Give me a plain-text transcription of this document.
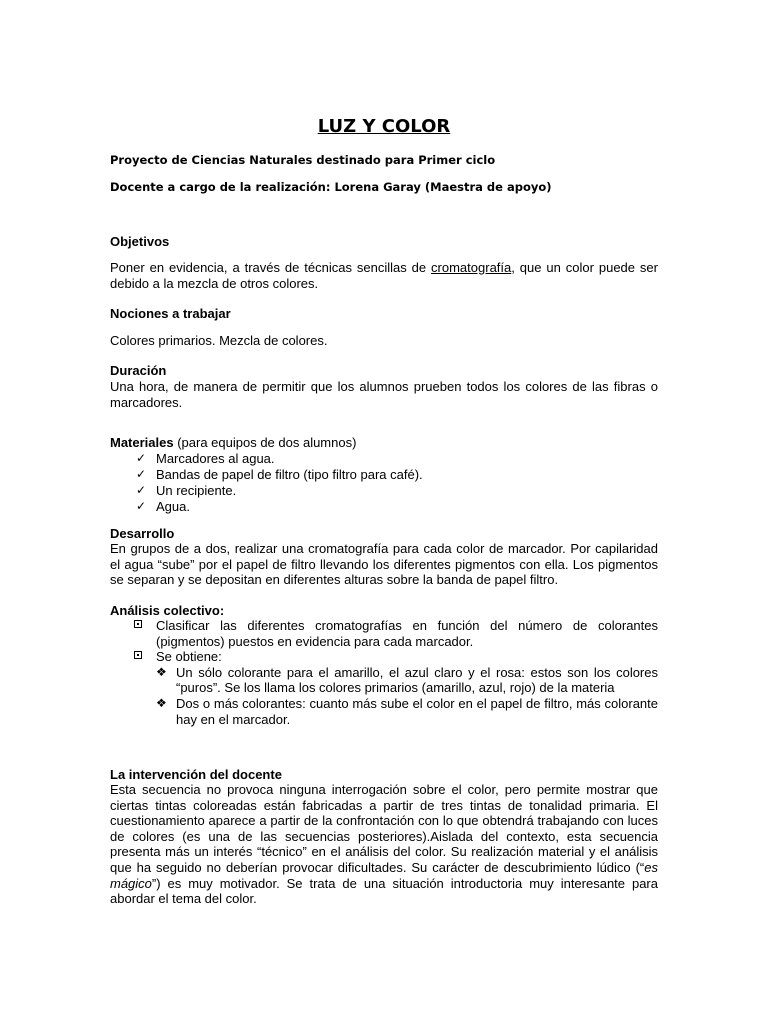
LUZ Y COLOR
Proyecto de Ciencias Naturales destinado para Primer ciclo
Docente a cargo de la realización: Lorena Garay (Maestra de apoyo)
Objetivos
Poner en evidencia, a través de técnicas sencillas de cromatografía, que un color puede ser debido a la mezcla de otros colores.
Nociones a trabajar
Colores primarios. Mezcla de colores.
Duración
Una hora, de manera de permitir que los alumnos prueben todos los colores de las fibras o marcadores.
Materiales (para equipos de dos alumnos)
✓ Marcadores al agua.
✓ Bandas de papel de filtro (tipo filtro para café).
✓ Un recipiente.
✓ Agua.
Desarrollo
En grupos de a dos, realizar una cromatografía para cada color de marcador. Por capilaridad el agua “sube” por el papel de filtro llevando los diferentes pigmentos con ella. Los pigmentos se separan y se depositan en diferentes alturas sobre la banda de papel filtro.
Análisis colectivo:
Clasificar las diferentes cromatografías en función del número de colorantes (pigmentos) puestos en evidencia para cada marcador.
Se obtiene:
❖ Un sólo colorante para el amarillo, el azul claro y el rosa: estos son los colores “puros”. Se los llama los colores primarios (amarillo, azul, rojo) de la materia
❖ Dos o más colorantes: cuanto más sube el color en el papel de filtro, más colorante hay en el marcador.
La intervención del docente
Esta secuencia no provoca ninguna interrogación sobre el color, pero permite mostrar que ciertas tintas coloreadas están fabricadas a partir de tres tintas de tonalidad primaria. El cuestionamiento aparece a partir de la confrontación con lo que obtendrá trabajando con luces de colores (es una de las secuencias posteriores).Aislada del contexto, esta secuencia presenta más un interés “técnico” en el análisis del color. Su realización material y el análisis que ha seguido no deberían provocar dificultades. Su carácter de descubrimiento lúdico (“es mágico”) es muy motivador. Se trata de una situación introductoria muy interesante para abordar el tema del color.
